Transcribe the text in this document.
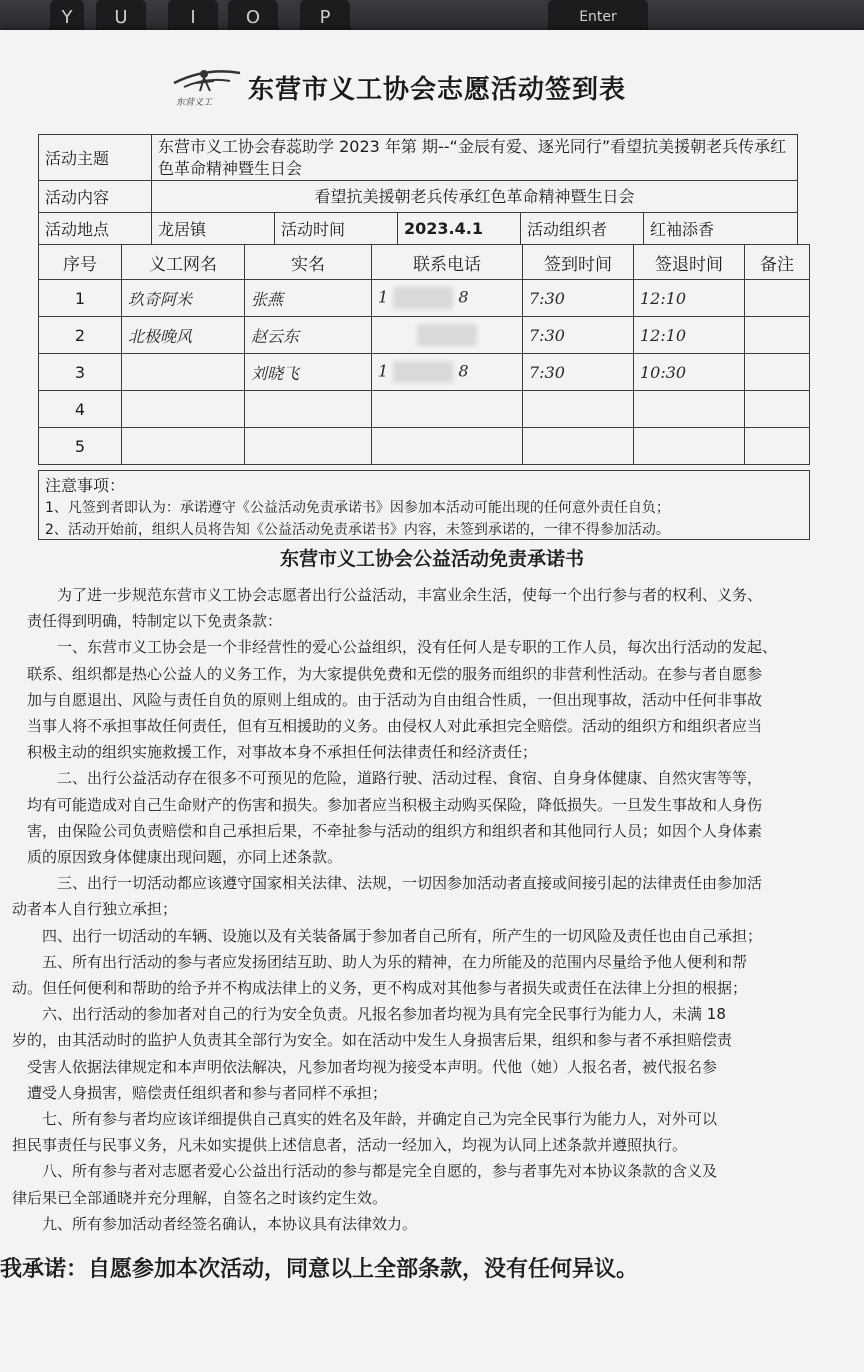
Y	U	I	O	P	Enter
东营义工 东营市义工协会志愿活动签到表
活动主题	东营市义工协会春蕊助学 2023 年第 期--“金辰有爱、逐光同行”看望抗美援朝老兵传承红色革命精神暨生日会				
活动内容	看望抗美援朝老兵传承红色革命精神暨生日会				
活动地点	龙居镇	活动时间	2023.4.1	活动组织者	红袖添香
序号	义工网名	实名	联系电话	签到时间	签退时间	备注
1	玖奇阿米	张燕	1 8	7:30	12:10	
2	北极晚风	赵云东		7:30	12:10	
3		刘晓飞	1 8	7:30	10:30	
4						
5						
注意事项：
1、凡签到者即认为：承诺遵守《公益活动免责承诺书》因参加本活动可能出现的任何意外责任自负；
2、活动开始前，组织人员将告知《公益活动免责承诺书》内容，未签到承诺的，一律不得参加活动。
东营市义工协会公益活动免责承诺书

　　　为了进一步规范东营市义工协会志愿者出行公益活动，丰富业余生活，使每一个出行参与者的权利、义务、

　责任得到明确，特制定以下免责条款：

　　　一、东营市义工协会是一个非经营性的爱心公益组织，没有任何人是专职的工作人员，每次出行活动的发起、

　联系、组织都是热心公益人的义务工作，为大家提供免费和无偿的服务而组织的非营利性活动。在参与者自愿参

　加与自愿退出、风险与责任自负的原则上组成的。由于活动为自由组合性质，一但出现事故，活动中任何非事故

　当事人将不承担事故任何责任，但有互相援助的义务。由侵权人对此承担完全赔偿。活动的组织方和组织者应当

　积极主动的组织实施救援工作，对事故本身不承担任何法律责任和经济责任；

　　　二、出行公益活动存在很多不可预见的危险，道路行驶、活动过程、食宿、自身身体健康、自然灾害等等，

　均有可能造成对自己生命财产的伤害和损失。参加者应当积极主动购买保险，降低损失。一旦发生事故和人身伤

　害，由保险公司负责赔偿和自己承担后果，不牵扯参与活动的组织方和组织者和其他同行人员；如因个人身体素

　质的原因致身体健康出现问题，亦同上述条款。

　　　三、出行一切活动都应该遵守国家相关法律、法规，一切因参加活动者直接或间接引起的法律责任由参加活

动者本人自行独立承担；

　　四、出行一切活动的车辆、设施以及有关装备属于参加者自己所有，所产生的一切风险及责任也由自己承担；

　　五、所有出行活动的参与者应发扬团结互助、助人为乐的精神，在力所能及的范围内尽量给予他人便利和帮

动。但任何便利和帮助的给予并不构成法律上的义务，更不构成对其他参与者损失或责任在法律上分担的根据；

　　六、出行活动的参加者对自己的行为安全负责。凡报名参加者均视为具有完全民事行为能力人，未满 18

岁的，由其活动时的监护人负责其全部行为安全。如在活动中发生人身损害后果，组织和参与者不承担赔偿责

　受害人依据法律规定和本声明依法解决，凡参加者均视为接受本声明。代他（她）人报名者，被代报名参

　遭受人身损害，赔偿责任组织者和参与者同样不承担；

　　七、所有参与者均应该详细提供自己真实的姓名及年龄，并确定自己为完全民事行为能力人，对外可以

担民事责任与民事义务，凡未如实提供上述信息者，活动一经加入，均视为认同上述条款并遵照执行。

　　八、所有参与者对志愿者爱心公益出行活动的参与都是完全自愿的，参与者事先对本协议条款的含义及

律后果已全部通晓并充分理解，自签名之时该约定生效。

　　九、所有参加活动者经签名确认，本协议具有法律效力。

我承诺：自愿参加本次活动，同意以上全部条款，没有任何异议。
